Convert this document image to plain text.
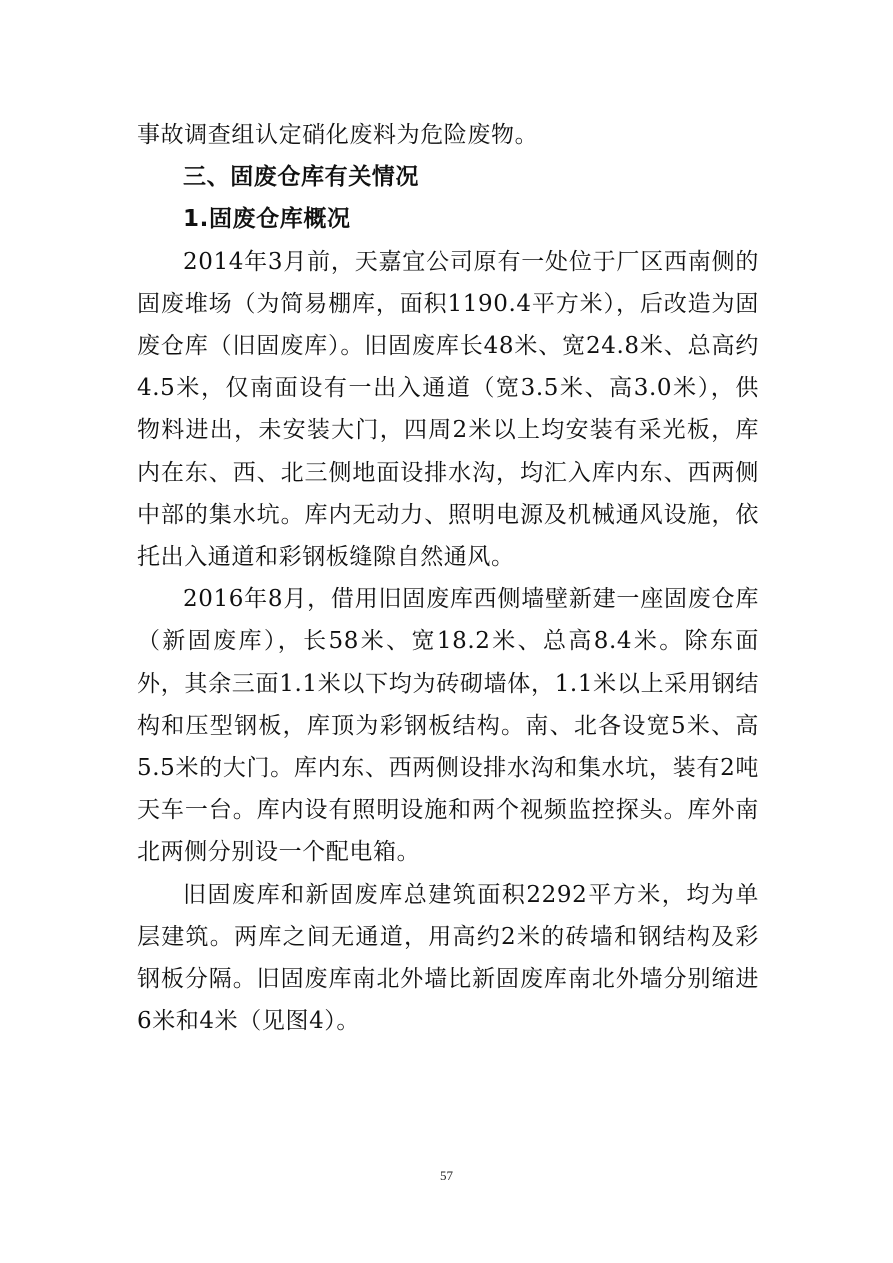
事故调查组认定硝化废料为危险废物。

三、固废仓库有关情况

1.固废仓库概况

2014年3月前，天嘉宜公司原有一处位于厂区西南侧的固废堆场（为简易棚库，面积1190.4平方米），后改造为固废仓库（旧固废库）。旧固废库长48米、宽24.8米、总高约4.5米，仅南面设有一出入通道（宽3.5米、高3.0米），供物料进出，未安装大门，四周2米以上均安装有采光板，库内在东、西、北三侧地面设排水沟，均汇入库内东、西两侧中部的集水坑。库内无动力、照明电源及机械通风设施，依托出入通道和彩钢板缝隙自然通风。

2016年8月，借用旧固废库西侧墙壁新建一座固废仓库（新固废库），长58米、宽18.2米、总高8.4米。除东面外，其余三面1.1米以下均为砖砌墙体，1.1米以上采用钢结构和压型钢板，库顶为彩钢板结构。南、北各设宽5米、高5.5米的大门。库内东、西两侧设排水沟和集水坑，装有2吨天车一台。库内设有照明设施和两个视频监控探头。库外南北两侧分别设一个配电箱。

旧固废库和新固废库总建筑面积2292平方米，均为单层建筑。两库之间无通道，用高约2米的砖墙和钢结构及彩钢板分隔。旧固废库南北外墙比新固废库南北外墙分别缩进6米和4米（见图4）。

57
